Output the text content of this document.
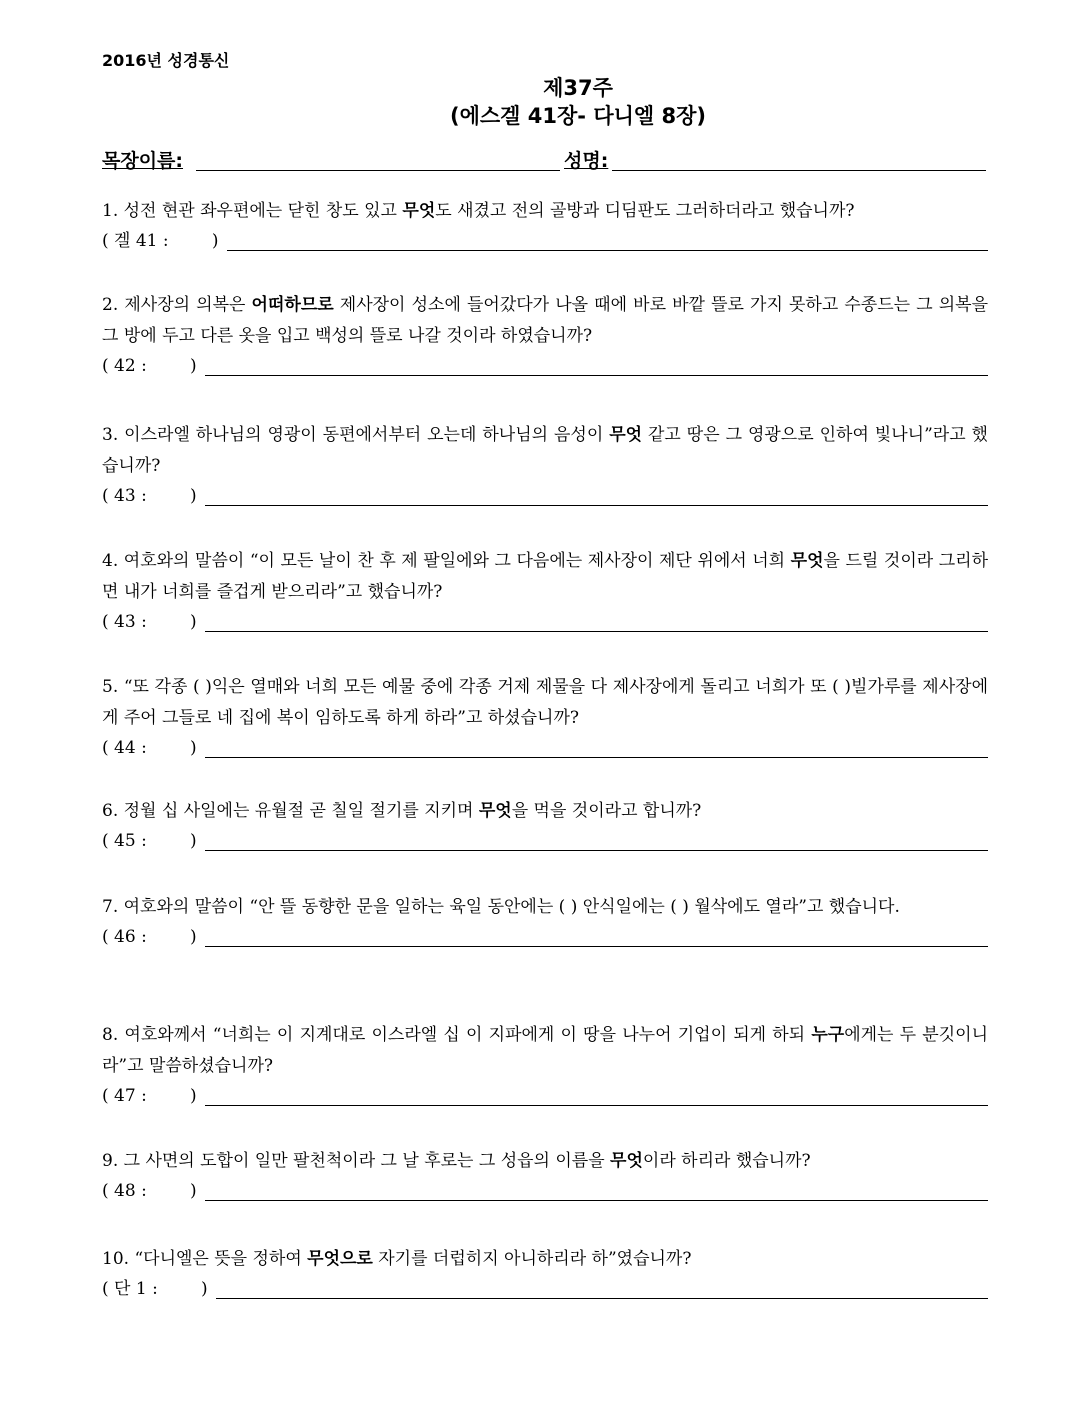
2016년 성경통신
제37주
(에스겔 41장- 다니엘 8장)
목장이름:	성명:
1. 성전 현관 좌우편에는 닫힌 창도 있고 무엇도 새겼고 전의 골방과 디딤판도 그러하더라고 했습니까?
( 겔 41 :        )
2. 제사장의 의복은 어떠하므로 제사장이 성소에 들어갔다가 나올 때에 바로 바깥 뜰로 가지 못하고 수종드는 그 의복을 그 방에 두고 다른 옷을 입고 백성의 뜰로 나갈 것이라 하였습니까?
( 42 :        )
3. 이스라엘 하나님의 영광이 동편에서부터 오는데 하나님의 음성이 무엇 같고 땅은 그 영광으로 인하여 빛나니”라고 했습니까?
( 43 :        )
4. 여호와의 말씀이 “이 모든 날이 찬 후 제 팔일에와 그 다음에는 제사장이 제단 위에서 너희 무엇을 드릴 것이라 그리하면 내가 너희를 즐겁게 받으리라”고 했습니까?
( 43 :        )
5. “또 각종 ( )익은 열매와 너희 모든 예물 중에 각종 거제 제물을 다 제사장에게 돌리고 너희가 또 ( )빌가루를 제사장에게 주어 그들로 네 집에 복이 임하도록 하게 하라”고 하셨습니까?
( 44 :        )
6. 정월 십 사일에는 유월절 곧 칠일 절기를 지키며 무엇을 먹을 것이라고 합니까?
( 45 :        )
7. 여호와의 말씀이 “안 뜰 동향한 문을 일하는 육일 동안에는 ( ) 안식일에는 ( ) 월삭에도 열라”고 했습니다.
( 46 :        )
8. 여호와께서 “너희는 이 지계대로 이스라엘 십 이 지파에게 이 땅을 나누어 기업이 되게 하되 누구에게는 두 분깃이니라”고 말씀하셨습니까?
( 47 :        )
9. 그 사면의 도합이 일만 팔천척이라 그 날 후로는 그 성읍의 이름을 무엇이라 하리라 했습니까?
( 48 :        )
10. “다니엘은 뜻을 정하여 무엇으로 자기를 더럽히지 아니하리라 하”였습니까?
( 단 1 :        )
